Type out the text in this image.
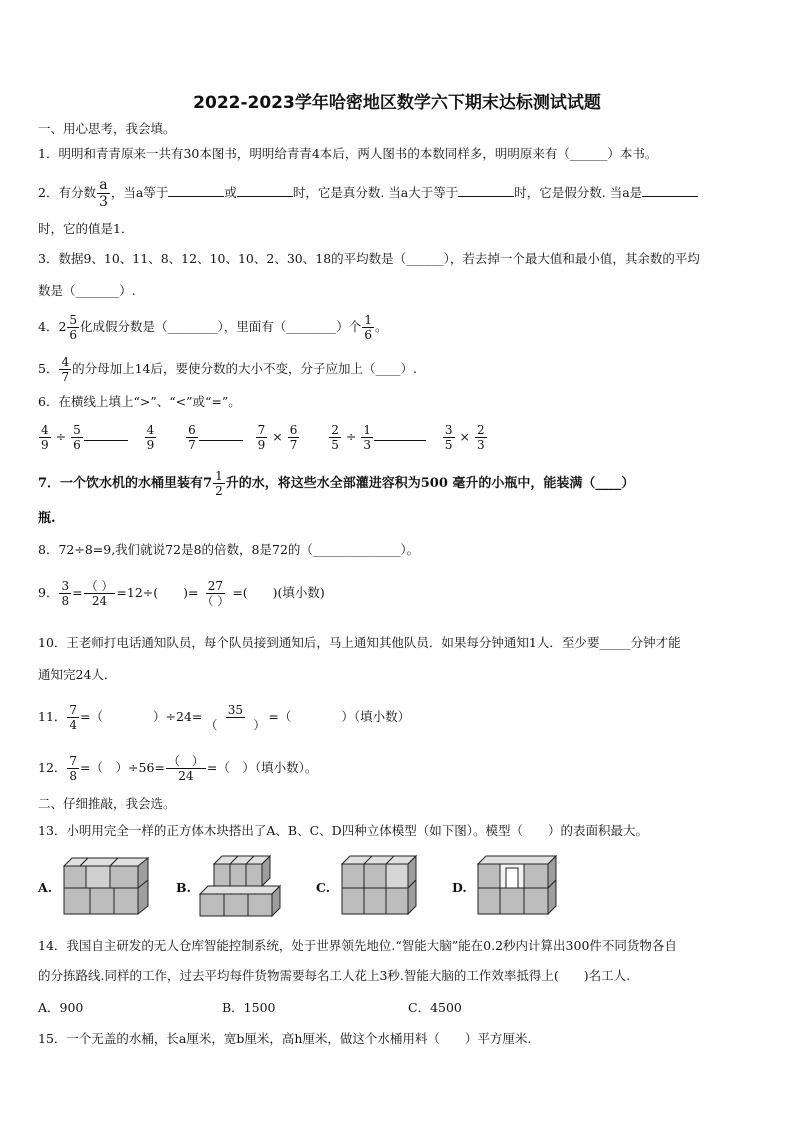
2022-2023学年哈密地区数学六下期末达标测试试题
一、用心思考，我会填。
1．明明和青青原来一共有30本图书，明明给青青4本后，两人图书的本数同样多，明明原来有（______）本书。
2．有分数 $\frac{a}{3}$ ，当a等于	或	时，它是真分数. 当a大于等于	时，它是假分数. 当a是
时，它的值是1．
3．数据9、10、11、8、12、10、10、2、30、18的平均数是（______），若去掉一个最大值和最小值，其余数的平均
数是（_______）.
4．$2 \frac{5}{6}$ 化成假分数是（________），里面有（________）个 $\frac{1}{6}$ 。
5． $\frac{4}{7}$ 的分母加上14后，要使分数的大小不变，分子应加上（____）.
6．在横线上填上“>”、“<”或“=”。
$\frac{4}{9} \div \frac{5}{6}$
	$\frac{4}{9}$
$\frac{6}{7}$
	$\frac{7}{9} \times \frac{6}{7}$
$\frac{2}{5} \div \frac{1}{3}$
	$\frac{3}{5} \times \frac{2}{3}$
7．一个饮水机的水桶里装有$7 \frac{1}{2}$ 升的水，将这些水全部灌进容积为500 毫升的小瓶中，能装满（____）
瓶.
8．72÷8=9,我们就说72是8的倍数，8是72的（______________）。
9． $\frac{3}{8} = \frac{( )}{24} =12\div$(　　)= $\frac{27}{( )}$ =(　　)(填小数)
10．王老师打电话通知队员，每个队员接到通知后，马上通知其他队员．如果每分钟通知1人．至少要_____分钟才能
通知完24人．
11． $\frac{7}{4}$ =（　　　　）$\div 24= \frac{35}{( )}$ =（　　　　）（填小数）
12． $\frac{7}{8}$ =（　）$\div 56= \frac{( )}{24}$ =（　）（填小数）。
二、仔细推敲，我会选。
13．小明用完全一样的正方体木块搭出了A、B、C、D四种立体模型（如下图）。模型（　　）的表面积最大。
A.	B.	C.	D.
14．我国自主研发的无人仓库智能控制系统，处于世界领先地位.“智能大脑”能在0.2秒内计算出300件不同货物各自
的分拣路线.同样的工作，过去平均每件货物需要每名工人花上3秒.智能大脑的工作效率抵得上(　　)名工人.
A．900	B．1500	C．4500
15．一个无盖的水桶，长a厘米，宽b厘米，高h厘米，做这个水桶用料（　　）平方厘米.
